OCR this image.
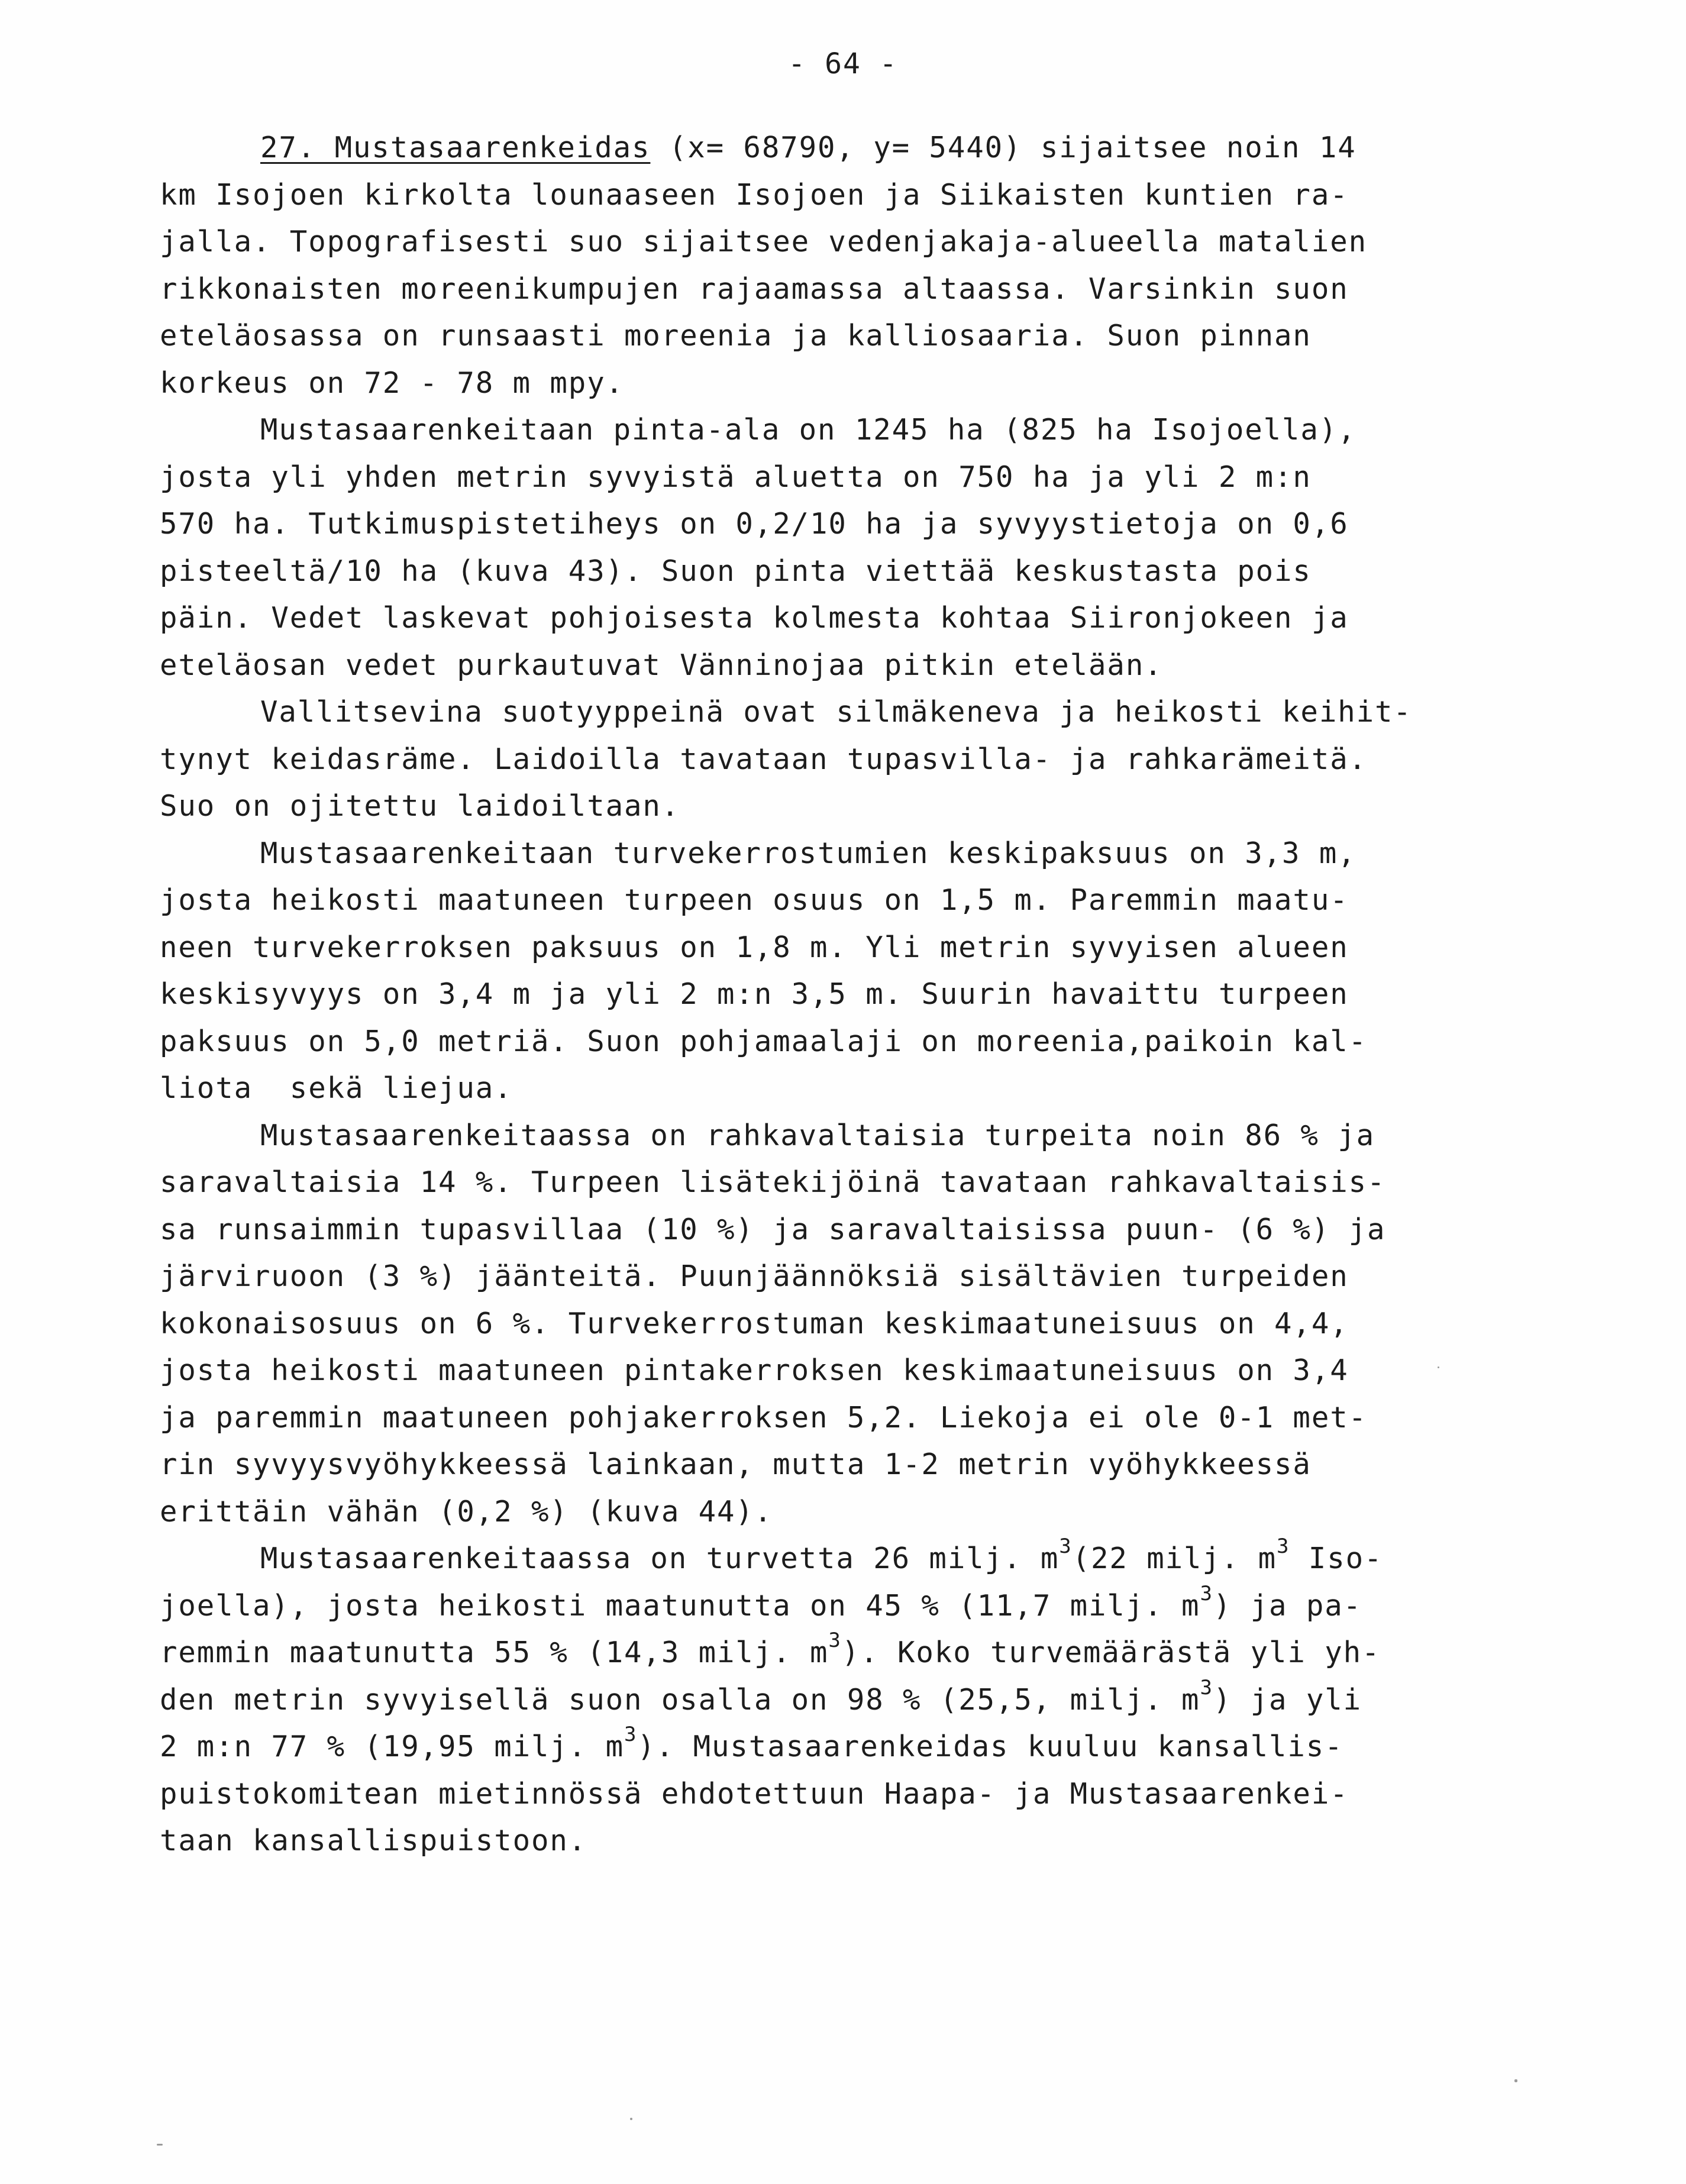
- 64 -
27. Mustasaarenkeidas (x= 68790, y= 5440) sijaitsee noin 14
km Isojoen kirkolta lounaaseen Isojoen ja Siikaisten kuntien ra-
jalla. Topografisesti suo sijaitsee vedenjakaja-alueella matalien
rikkonaisten moreenikumpujen rajaamassa altaassa. Varsinkin suon
eteläosassa on runsaasti moreenia ja kalliosaaria. Suon pinnan
korkeus on 72 - 78 m mpy.
Mustasaarenkeitaan pinta-ala on 1245 ha (825 ha Isojoella),
josta yli yhden metrin syvyistä aluetta on 750 ha ja yli 2 m:n
570 ha. Tutkimuspistetiheys on 0,2/10 ha ja syvyystietoja on 0,6
pisteeltä/10 ha (kuva 43). Suon pinta viettää keskustasta pois
päin. Vedet laskevat pohjoisesta kolmesta kohtaa Siironjokeen ja
eteläosan vedet purkautuvat Vänninojaa pitkin etelään.
Vallitsevina suotyyppeinä ovat silmäkeneva ja heikosti keihit-
tynyt keidasräme. Laidoilla tavataan tupasvilla- ja rahkarämeitä.
Suo on ojitettu laidoiltaan.
Mustasaarenkeitaan turvekerrostumien keskipaksuus on 3,3 m,
josta heikosti maatuneen turpeen osuus on 1,5 m. Paremmin maatu-
neen turvekerroksen paksuus on 1,8 m. Yli metrin syvyisen alueen
keskisyvyys on 3,4 m ja yli 2 m:n 3,5 m. Suurin havaittu turpeen
paksuus on 5,0 metriä. Suon pohjamaalaji on moreenia,paikoin kal-
liota  sekä liejua.
Mustasaarenkeitaassa on rahkavaltaisia turpeita noin 86 % ja
saravaltaisia 14 %. Turpeen lisätekijöinä tavataan rahkavaltaisis-
sa runsaimmin tupasvillaa (10 %) ja saravaltaisissa puun- (6 %) ja
järviruoon (3 %) jäänteitä. Puunjäännöksiä sisältävien turpeiden
kokonaisosuus on 6 %. Turvekerrostuman keskimaatuneisuus on 4,4,
josta heikosti maatuneen pintakerroksen keskimaatuneisuus on 3,4
ja paremmin maatuneen pohjakerroksen 5,2. Liekoja ei ole 0-1 met-
rin syvyysvyöhykkeessä lainkaan, mutta 1-2 metrin vyöhykkeessä
erittäin vähän (0,2 %) (kuva 44).
Mustasaarenkeitaassa on turvetta 26 milj. $m^3(22$ milj. $m^3$ Iso-
joella), josta heikosti maatunutta on 45 % (11,7 milj. $m^3$) ja pa-
remmin maatunutta 55 % (14,3 milj. $m^3$). Koko turvemäärästä yli yh-
den metrin syvyisellä suon osalla on 98 % (25,5, milj. $m^3$) ja yli
2 m:n 77 % (19,95 milj. $m^3$). Mustasaarenkeidas kuuluu kansallis-
puistokomitean mietinnössä ehdotettuun Haapa- ja Mustasaarenkei-
taan kansallispuistoon.
